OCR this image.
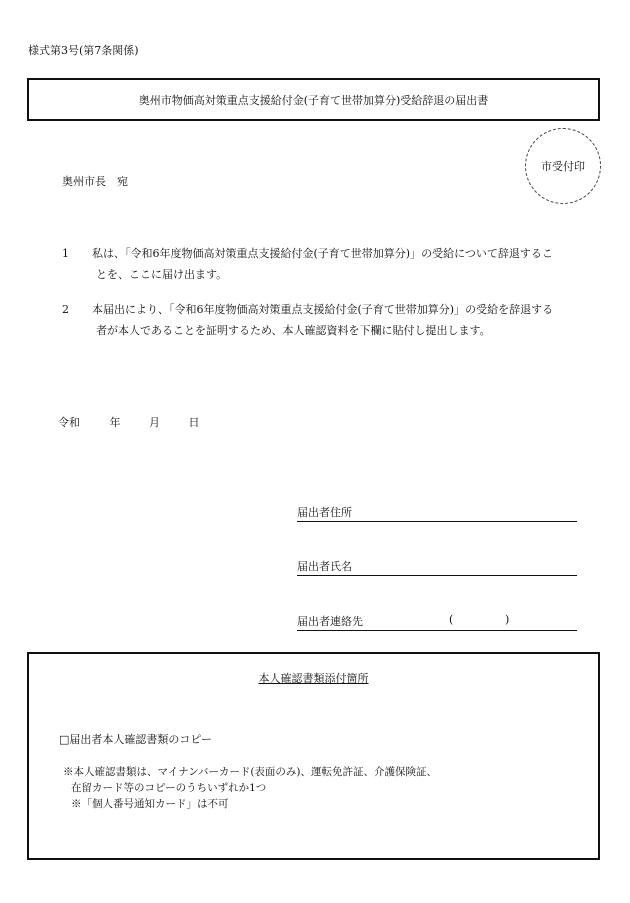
様式第3号(第7条関係)
奥州市物価高対策重点支援給付金(子育て世帯加算分)受給辞退の届出書
市受付印
奥州市長　宛
1	私は、「令和6年度物価高対策重点支援給付金(子育て世帯加算分)」の受給について辞退するこ
とを、ここに届け出ます。
2	本届出により、「令和6年度物価高対策重点支援給付金(子育て世帯加算分)」の受給を辞退する
者が本人であることを証明するため、本人確認資料を下欄に貼付し提出します。
令和	年	月	日
届出者住所
届出者氏名
届出者連絡先	(	)
本人確認書類添付箇所
□届出者本人確認書類のコピー
※本人確認書類は、マイナンバーカード(表面のみ)、運転免許証、介護保険証、
在留カード等のコピーのうちいずれか1つ
※「個人番号通知カード」は不可
